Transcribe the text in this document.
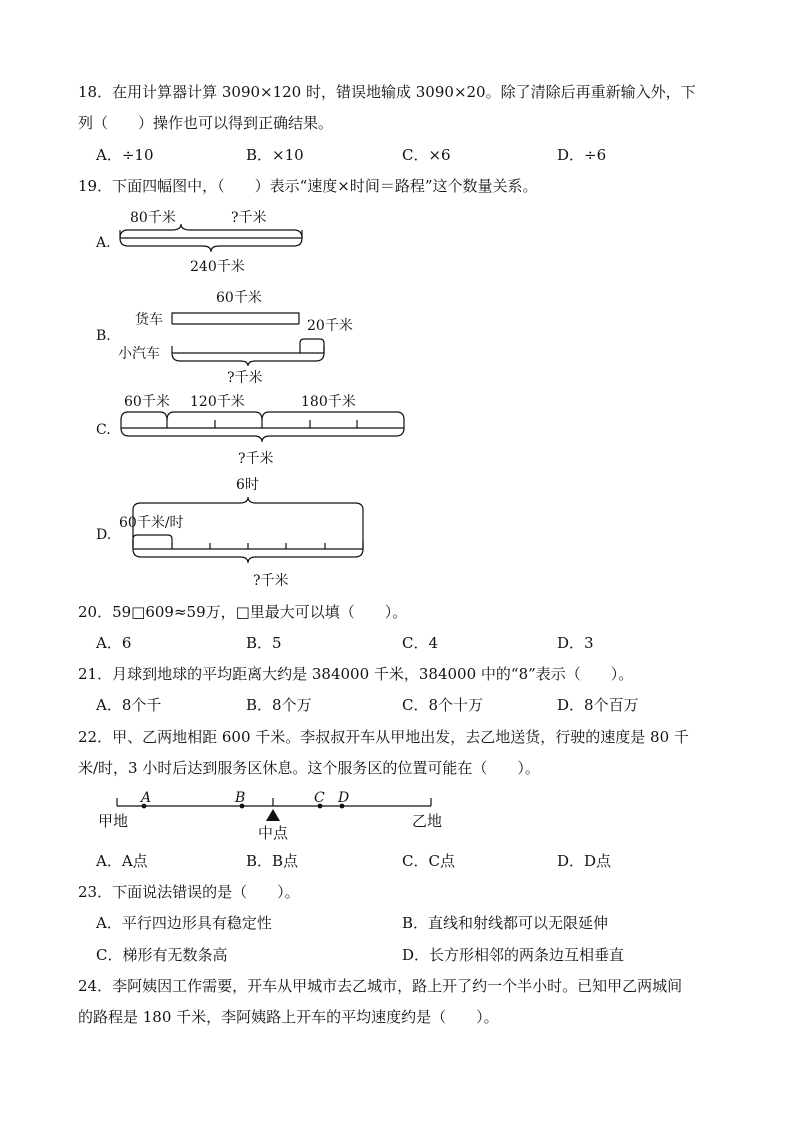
18．在用计算器计算 3090×120 时，错误地输成 3090×20。除了清除后再重新输入外，下
列（　　）操作也可以得到正确结果。
A．÷10	B．×10	C．×6	D．÷6
19．下面四幅图中，（　　）表示“速度×时间＝路程”这个数量关系。
A.
80千米	?千米
240千米
B.
60千米
货车	20千米
小汽车
?千米
C.
60千米 120千米	180千米
?千米
D.
6时
60千米/时
?千米
A	B	C D
甲地	乙地
中点
20．59□609≈59万，□里最大可以填（　　）。
A．6	B．5	C．4	D．3
21．月球到地球的平均距离大约是 384000 千米，384000 中的“8”表示（　　）。
A．8个千	B．8个万	C．8个十万	D．8个百万
22．甲、乙两地相距 600 千米。李叔叔开车从甲地出发，去乙地送货，行驶的速度是 80 千
米/时，3 小时后达到服务区休息。这个服务区的位置可能在（　　）。
A．A点	B．B点	C．C点	D．D点
23．下面说法错误的是（　　）。
A．平行四边形具有稳定性	B．直线和射线都可以无限延伸
C．梯形有无数条高	D．长方形相邻的两条边互相垂直
24．李阿姨因工作需要，开车从甲城市去乙城市，路上开了约一个半小时。已知甲乙两城间
的路程是 180 千米，李阿姨路上开车的平均速度约是（　　）。
